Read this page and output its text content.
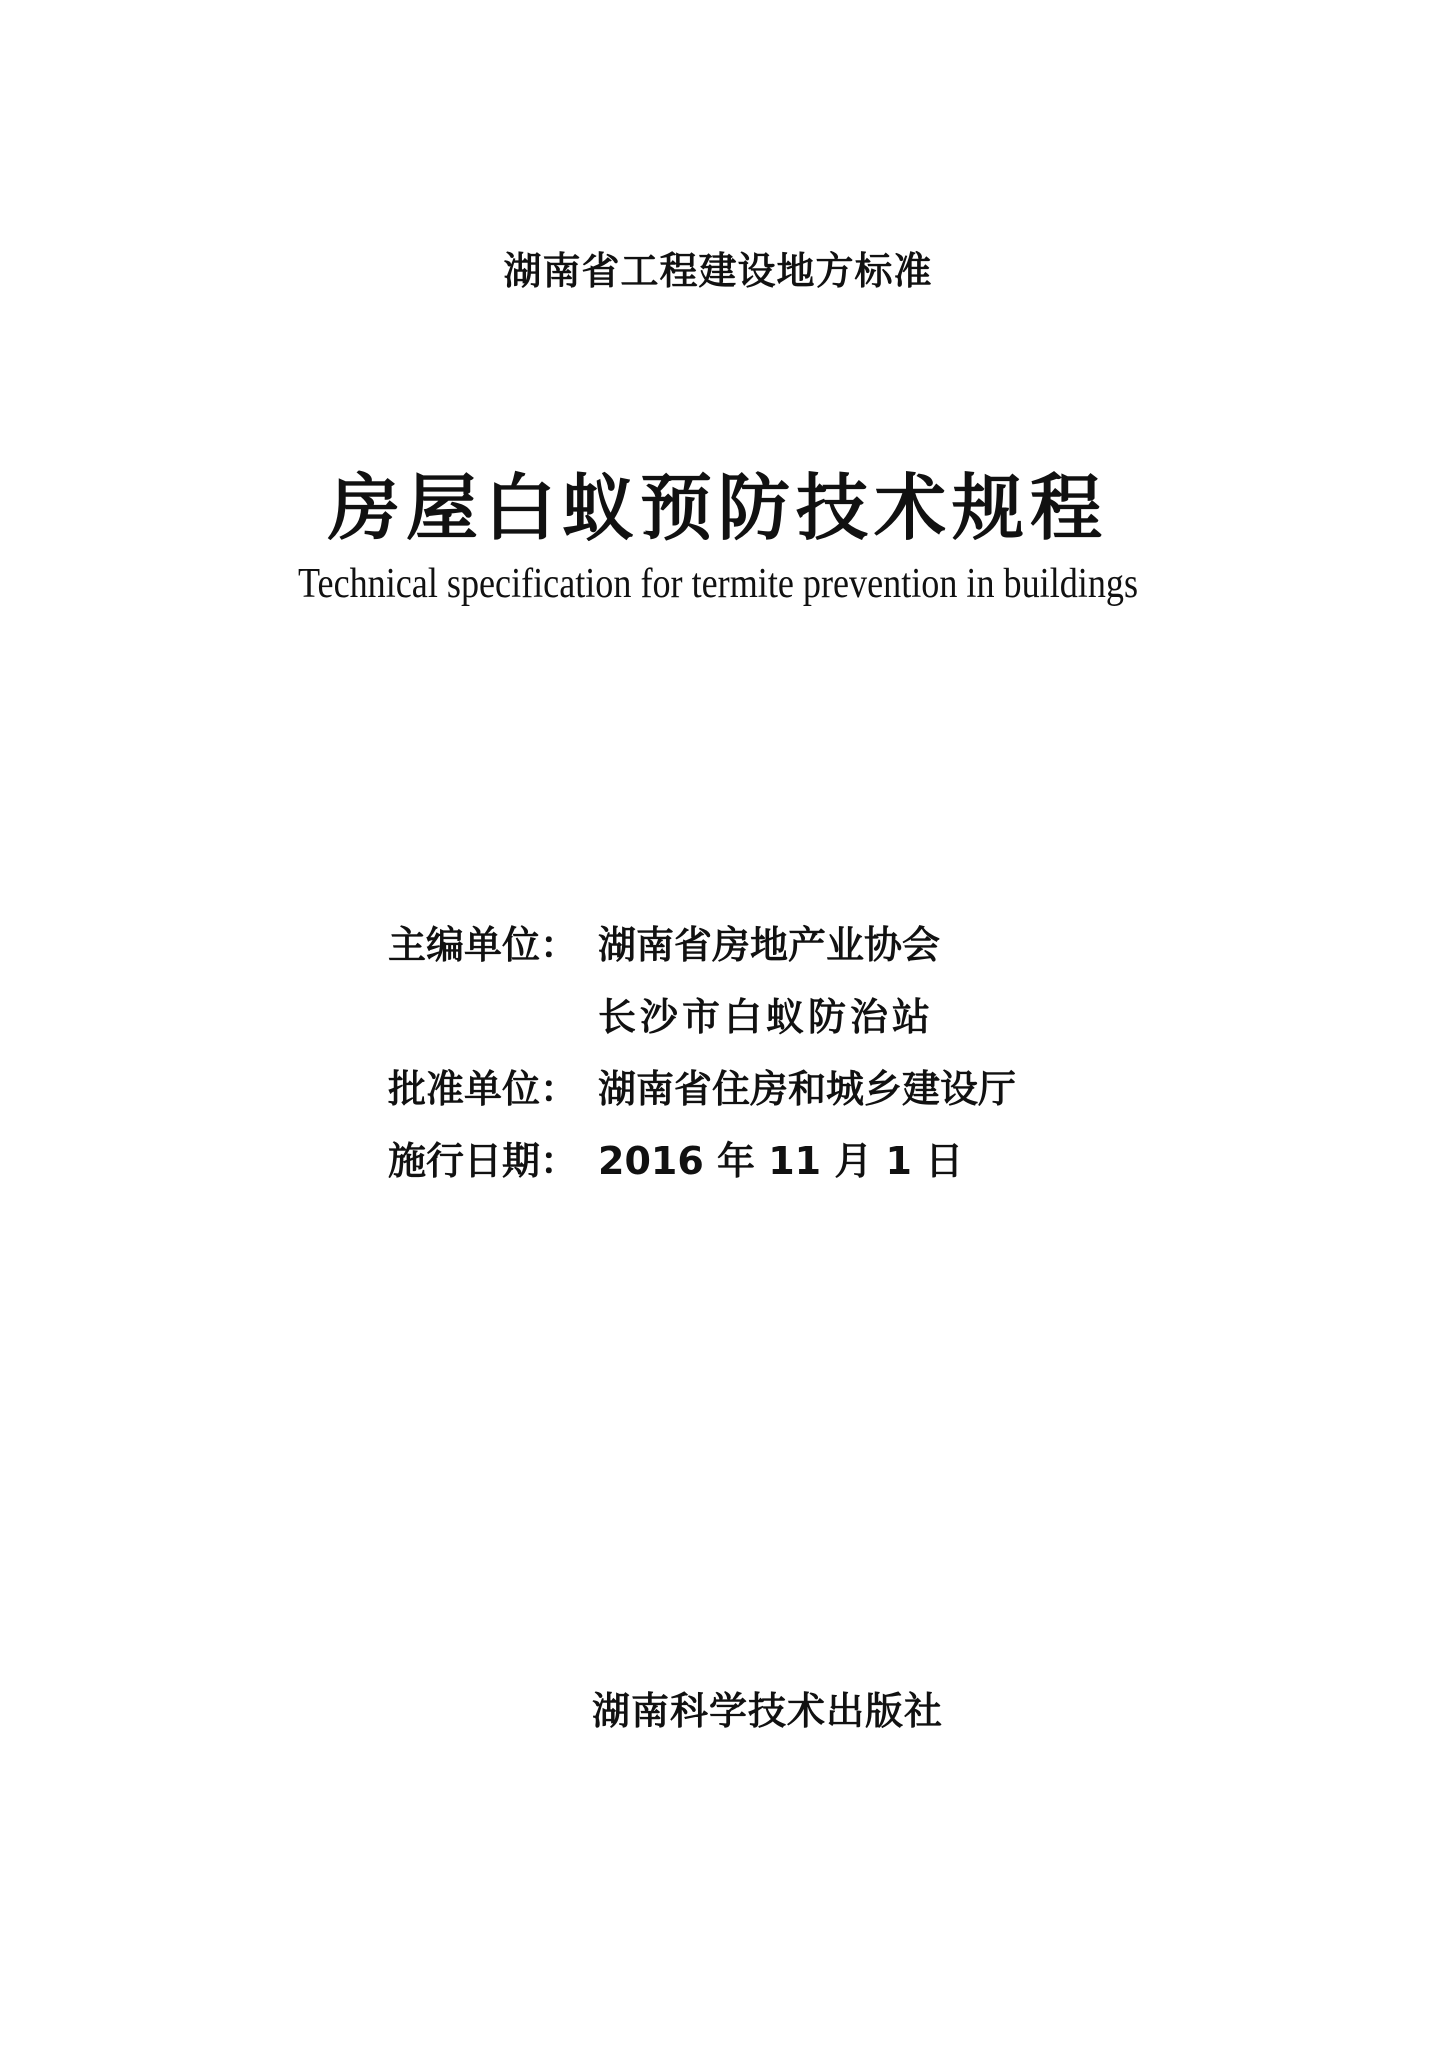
湖南省工程建设地方标准
房屋白蚁预防技术规程
Technical specification for termite prevention in buildings
主编单位： 湖南省房地产业协会
长沙市白蚁防治站
批准单位： 湖南省住房和城乡建设厅
施行日期： 2016 年 11 月 1 日
湖南科学技术出版社
